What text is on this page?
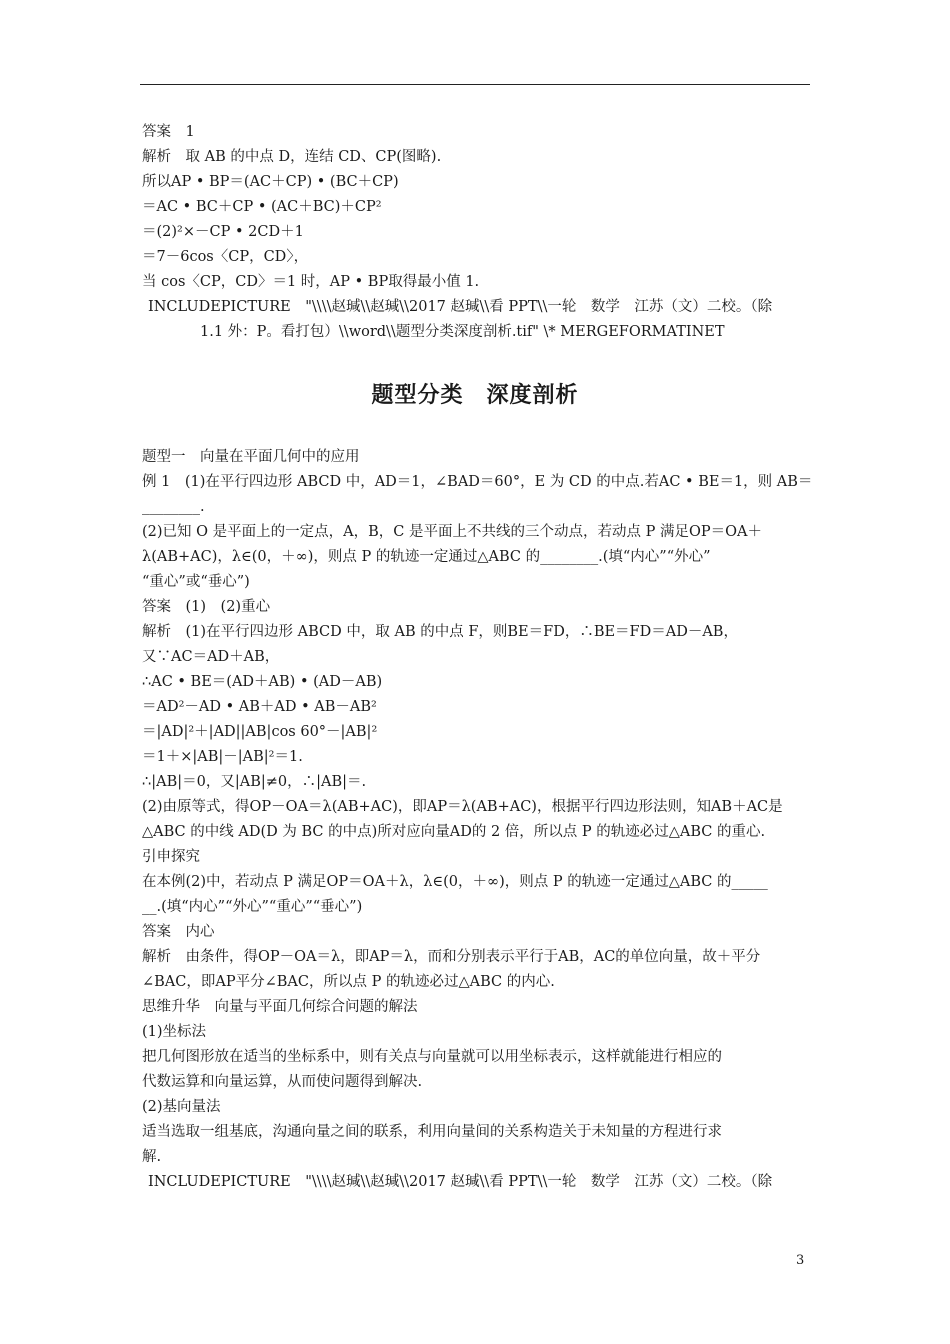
答案　1
解析　取 AB 的中点 D，连结 CD、CP(图略).
所以AP • BP＝(AC＋CP) • (BC＋CP)
＝AC • BC＋CP • (AC＋BC)＋CP²
＝(2)²×－CP • 2CD＋1
＝7－6cos〈CP，CD〉，
当 cos〈CP，CD〉＝1 时，AP • BP取得最小值 1.
INCLUDEPICTURE　"\\\\赵瑊\\赵瑊\\2017 赵瑊\\看 PPT\\一轮　数学　江苏（文）二校。（除
1.1 外：P。看打包）\\word\\题型分类深度剖析.tif" \* MERGEFORMATINET
题型分类　深度剖析
题型一　向量在平面几何中的应用
例 1　(1)在平行四边形 ABCD 中，AD＝1，∠BAD＝60°，E 为 CD 的中点.若AC • BE＝1，则 AB＝
________.
(2)已知 O 是平面上的一定点，A，B，C 是平面上不共线的三个动点，若动点 P 满足OP＝OA＋
λ(AB+AC)，λ∈(0，＋∞)，则点 P 的轨迹一定通过△ABC 的________.(填“内心”“外心”
“重心”或“垂心”)
答案　(1)　(2)重心
解析　(1)在平行四边形 ABCD 中，取 AB 的中点 F，则BE＝FD，∴BE＝FD＝AD－AB，
又∵AC＝AD＋AB，
∴AC • BE＝(AD＋AB) • (AD－AB)
＝AD²－AD • AB＋AD • AB－AB²
＝|AD|²＋|AD||AB|cos 60°－|AB|²
＝1＋×|AB|－|AB|²＝1.
∴|AB|＝0，又|AB|≠0，∴|AB|＝.
(2)由原等式，得OP－OA＝λ(AB+AC)，即AP＝λ(AB+AC)，根据平行四边形法则，知AB＋AC是
△ABC 的中线 AD(D 为 BC 的中点)所对应向量AD的 2 倍，所以点 P 的轨迹必过△ABC 的重心.
引申探究
在本例(2)中，若动点 P 满足OP＝OA＋λ，λ∈(0，＋∞)，则点 P 的轨迹一定通过△ABC 的_____
__.(填“内心”“外心”“重心”“垂心”)
答案　内心
解析　由条件，得OP－OA＝λ，即AP＝λ，而和分别表示平行于AB，AC的单位向量，故＋平分
∠BAC，即AP平分∠BAC，所以点 P 的轨迹必过△ABC 的内心.
思维升华　向量与平面几何综合问题的解法
(1)坐标法
把几何图形放在适当的坐标系中，则有关点与向量就可以用坐标表示，这样就能进行相应的
代数运算和向量运算，从而使问题得到解决.
(2)基向量法
适当选取一组基底，沟通向量之间的联系，利用向量间的关系构造关于未知量的方程进行求
解.
INCLUDEPICTURE　"\\\\赵瑊\\赵瑊\\2017 赵瑊\\看 PPT\\一轮　数学　江苏（文）二校。（除
3
